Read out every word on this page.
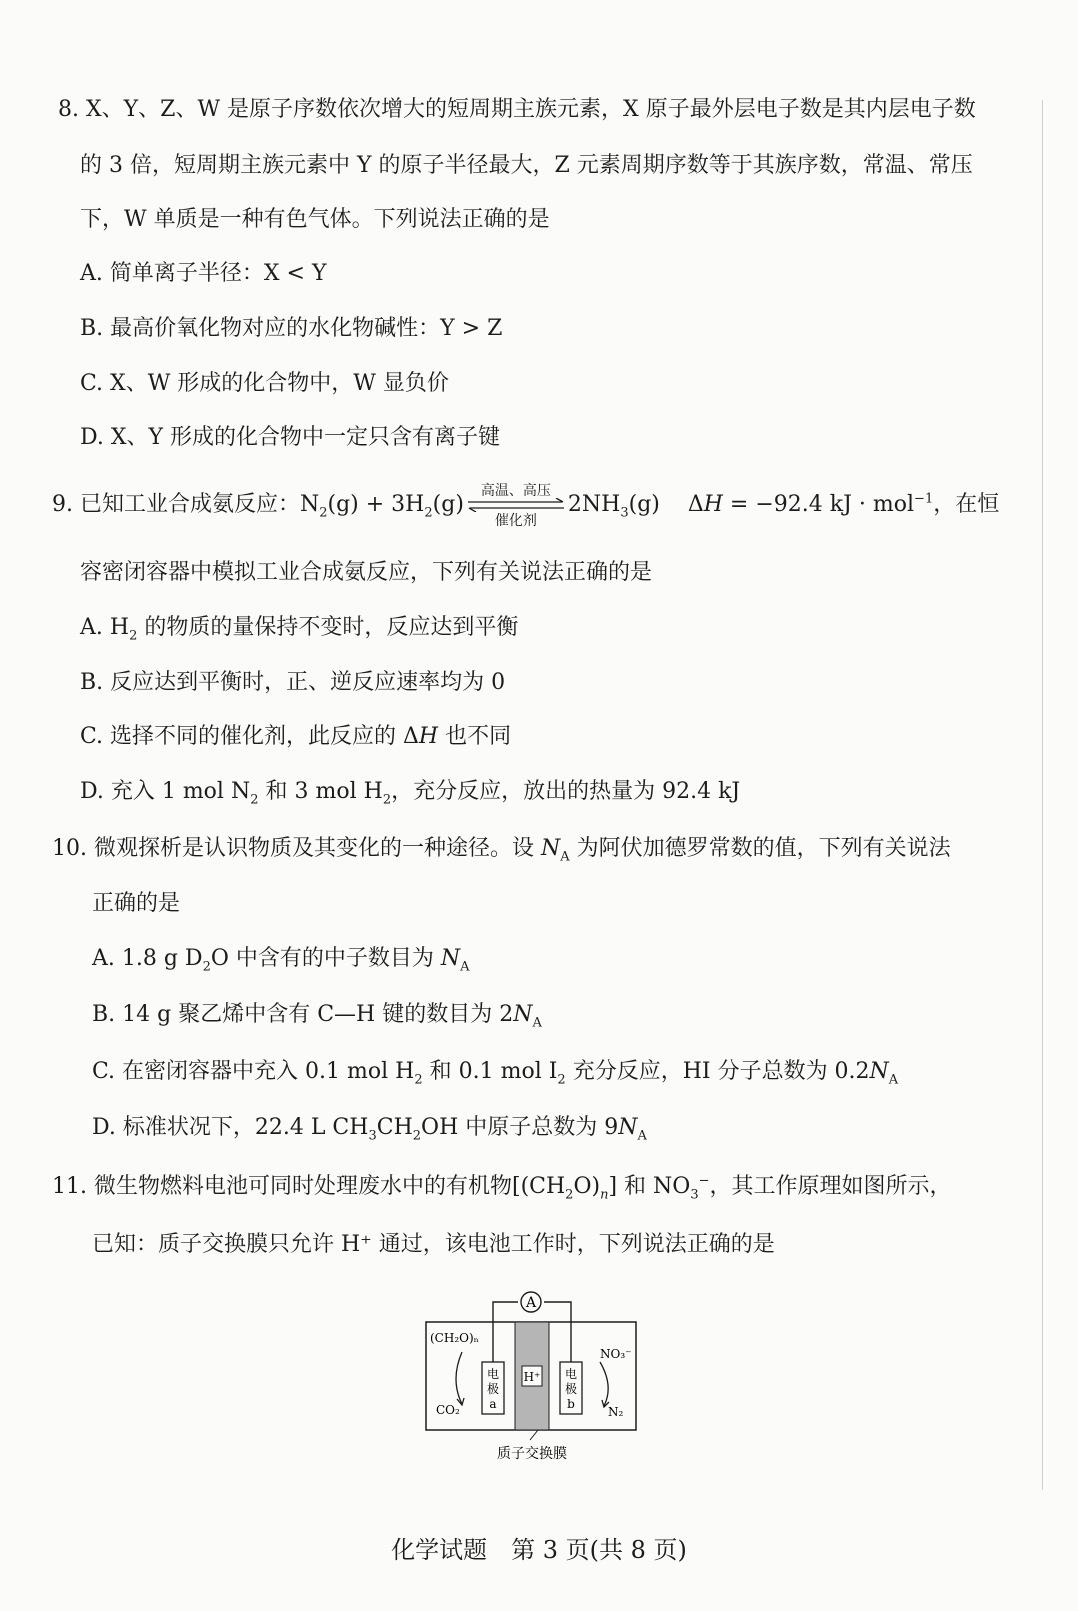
8. X、Y、Z、W 是原子序数依次增大的短周期主族元素，X 原子最外层电子数是其内层电子数
的 3 倍，短周期主族元素中 Y 的原子半径最大，Z 元素周期序数等于其族序数，常温、常压
下，W 单质是一种有色气体。下列说法正确的是
A. 简单离子半径：X < Y
B. 最高价氧化物对应的水化物碱性：Y > Z
C. X、W 形成的化合物中，W 显负价
D. X、Y 形成的化合物中一定只含有离子键
9. 已知工业合成氨反应：$N_2(g) + 3H_2(g)$
高温、高压
催化剂
$2NH_3(g)$    ΔH = −92.4 kJ · mol$^{-1}$，在恒
容密闭容器中模拟工业合成氨反应，下列有关说法正确的是
A. $H_2$ 的物质的量保持不变时，反应达到平衡
B. 反应达到平衡时，正、逆反应速率均为 0
C. 选择不同的催化剂，此反应的 ΔH 也不同
D. 充入 1 mol $N_2$ 和 3 mol $H_2$，充分反应，放出的热量为 92.4 kJ
10. 微观探析是认识物质及其变化的一种途径。设 $N_A$ 为阿伏加德罗常数的值，下列有关说法
正确的是
A. 1.8 g $D_2O$ 中含有的中子数目为 $N_A$
B. 14 g 聚乙烯中含有 C—H 键的数目为 $2N_A$
C. 在密闭容器中充入 0.1 mol $H_2$ 和 0.1 mol $I_2$ 充分反应，HI 分子总数为 $0.2N_A$
D. 标准状况下，22.4 L $CH_3CH_2OH$ 中原子总数为 $9N_A$
11. 微生物燃料电池可同时处理废水中的有机物$[(CH_2O)_n]$ 和 $NO_3^-$，其工作原理如图所示，
已知：质子交换膜只允许 H⁺ 通过，该电池工作时，下列说法正确的是
A
H⁺
电
极
a
电
极
b
(CH₂O)ₙ
CO₂
NO₃⁻
N₂
质子交换膜
化学试题　第 3 页(共 8 页)
